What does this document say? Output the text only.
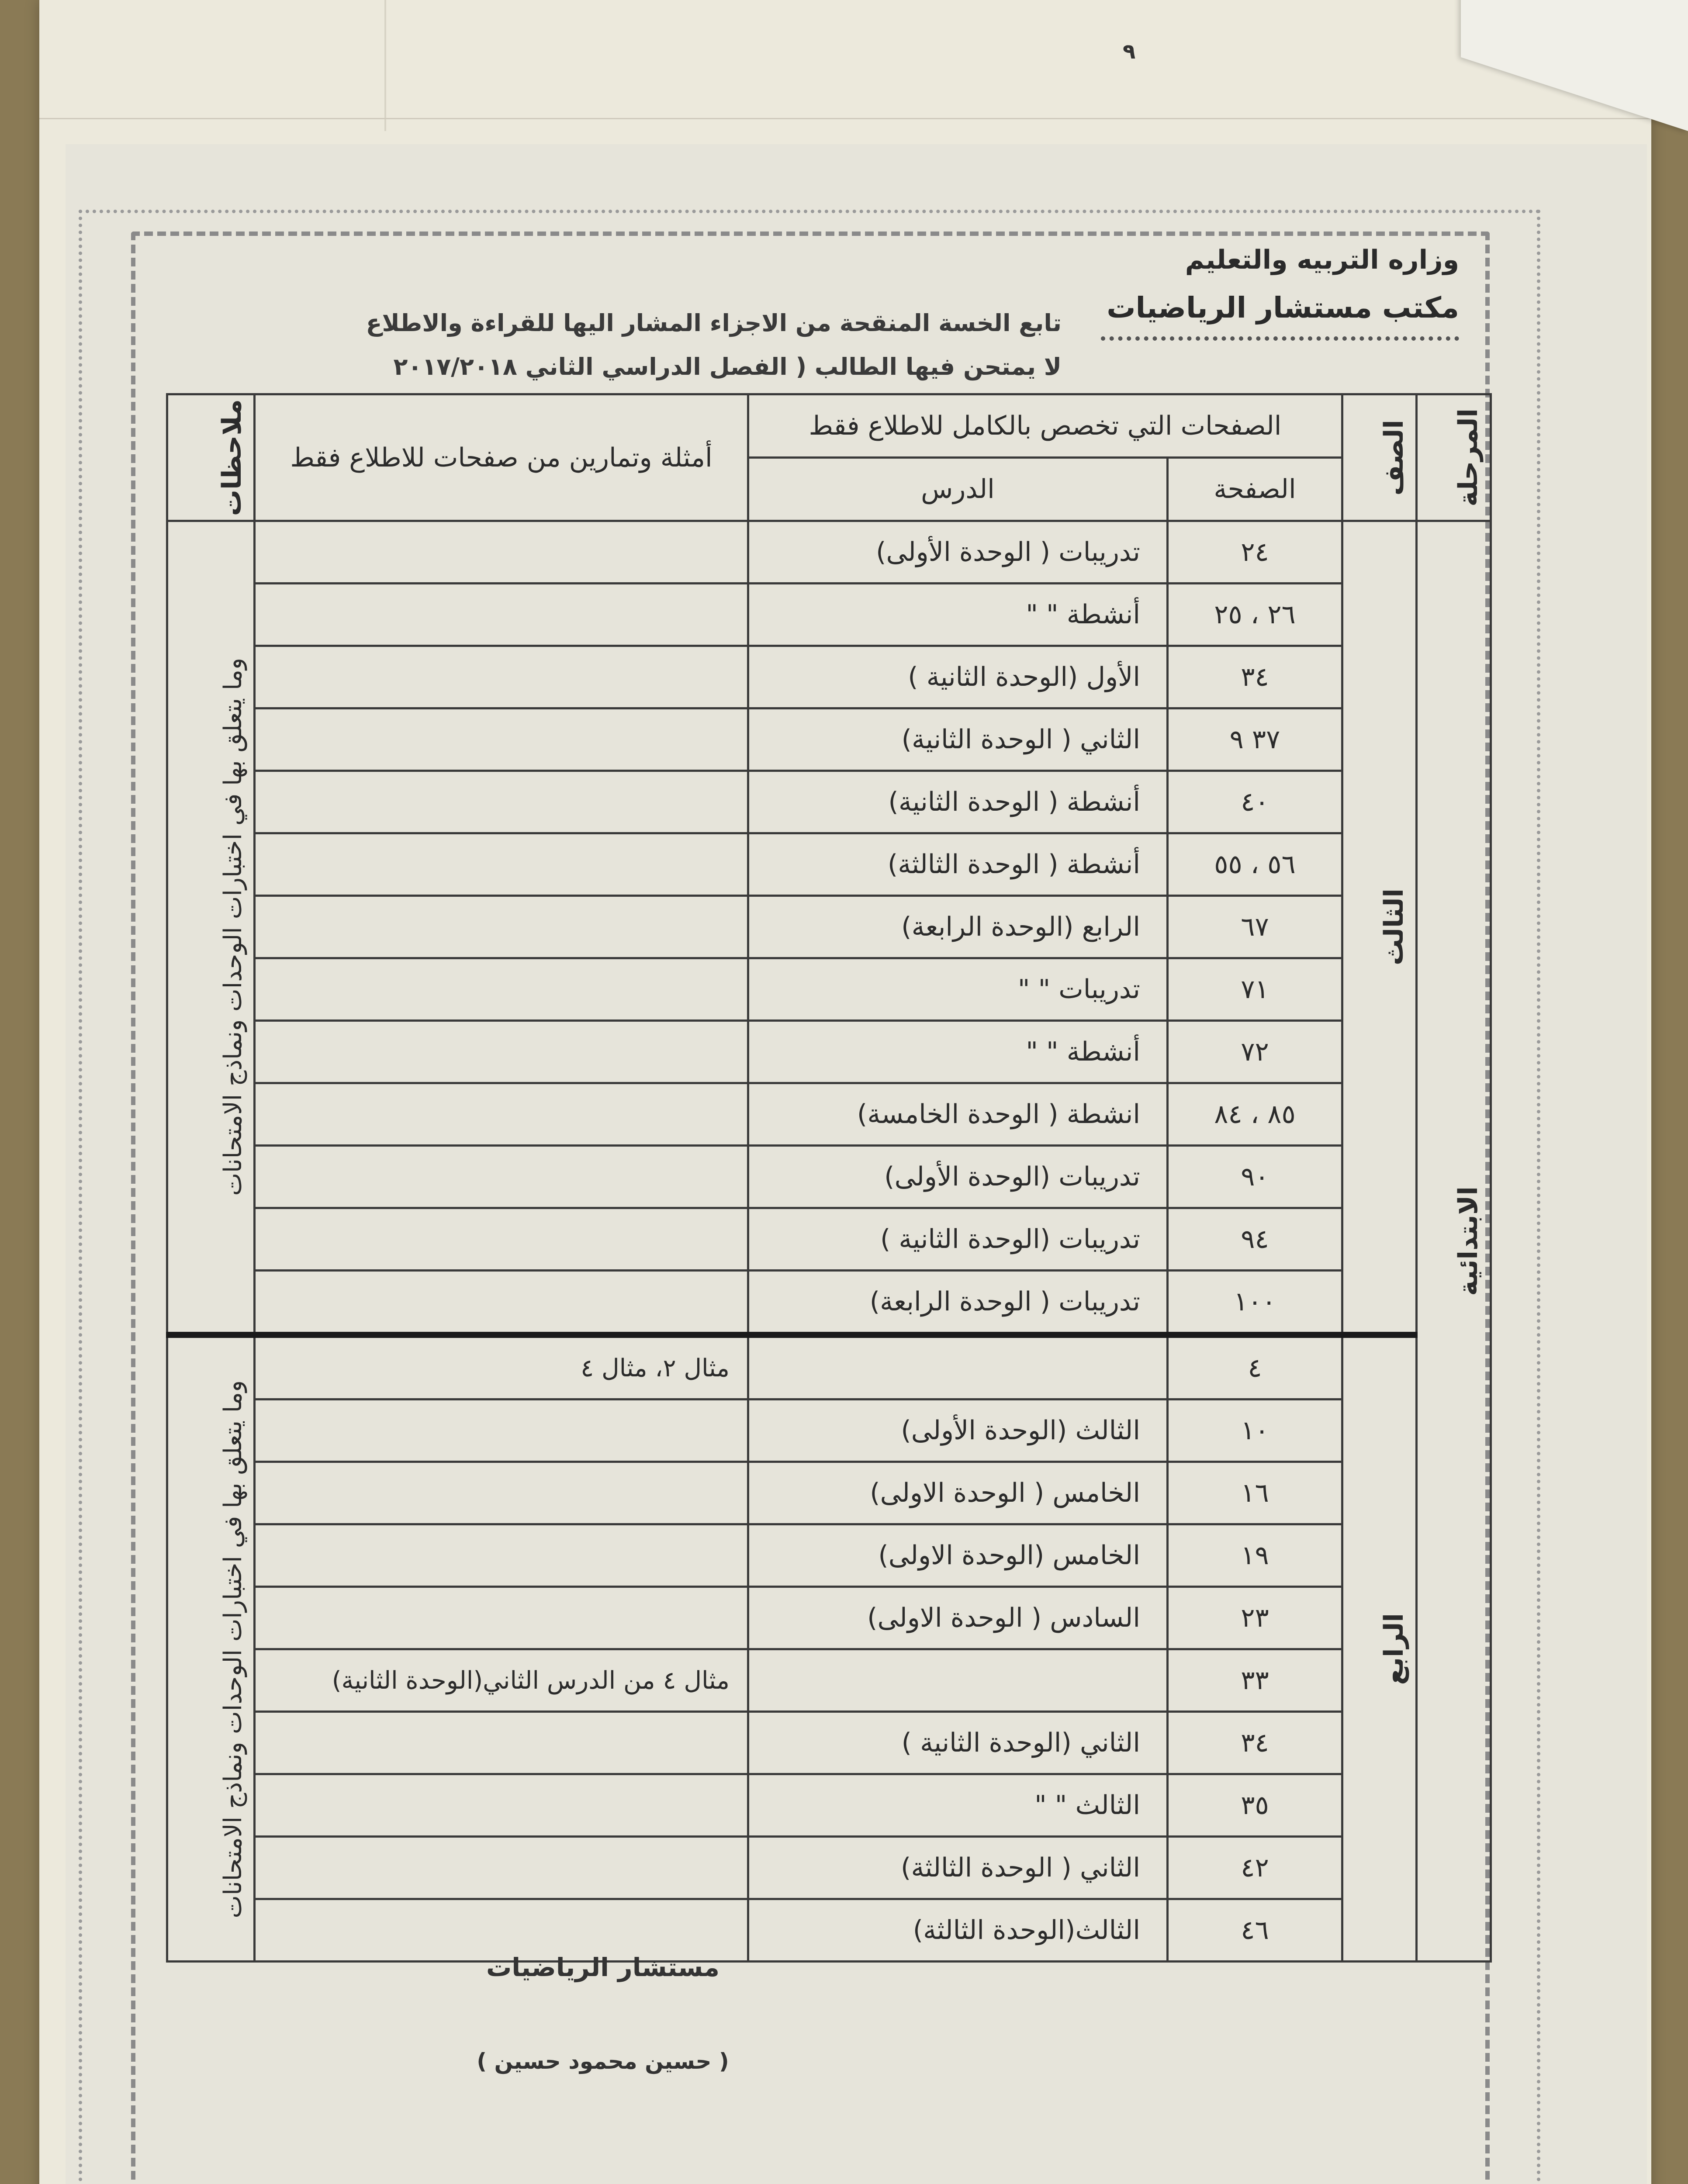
٩
وزاره التربيه والتعليم
مكتب مستشار الرياضيات
تابع الخسة المنقحة من الاجزاء المشار اليها للقراءة والاطلاع
لا يمتحن فيها الطالب ( الفصل الدراسي الثاني ٢٠١٧/٢٠١٨
المرحلة	الصف	الصفحات التي تخصص بالكامل للاطلاع فقط		أمثلة وتمارين من صفحات للاطلاع فقط	ملاحظات

		الصفحة	الدرس		

الابتدائية	الثالث	٢٤	تدريبات ( الوحدة الأولى)		وما يتعلق بها في اختبارات الوحدات ونماذج الامتحانات

		٢٦ ، ٢٥	أنشطة " "		
		٣٤	الأول (الوحدة الثانية )		
		٣٧ ٩	الثاني ( الوحدة الثانية)		
		٤٠	أنشطة ( الوحدة الثانية)		
		٥٦ ، ٥٥	أنشطة ( الوحدة الثالثة)		
		٦٧	الرابع (الوحدة الرابعة)		
		٧١	تدريبات " "		
		٧٢	أنشطة " "		
		٨٥ ، ٨٤	انشطة ( الوحدة الخامسة)		
		٩٠	تدريبات (الوحدة الأولى)		
		٩٤	تدريبات (الوحدة الثانية )		
		١٠٠	تدريبات ( الوحدة الرابعة)		

	الرابع	٤		مثال ٢، مثال ٤	وما يتعلق بها في اختبارات الوحدات ونماذج الامتحانات

		١٠	الثالث (الوحدة الأولى)		
		١٦	الخامس ( الوحدة الاولى)		
		١٩	الخامس (الوحدة الاولى)		
		٢٣	السادس ( الوحدة الاولى)		
		٣٣		مثال ٤ من الدرس الثاني(الوحدة الثانية)	
		٣٤	الثاني (الوحدة الثانية )		
		٣٥	الثالث " "		
		٤٢	الثاني ( الوحدة الثالثة)		
		٤٦	الثالث(الوحدة الثالثة)		
مستشار الرياضيات
( حسين محمود حسين )
